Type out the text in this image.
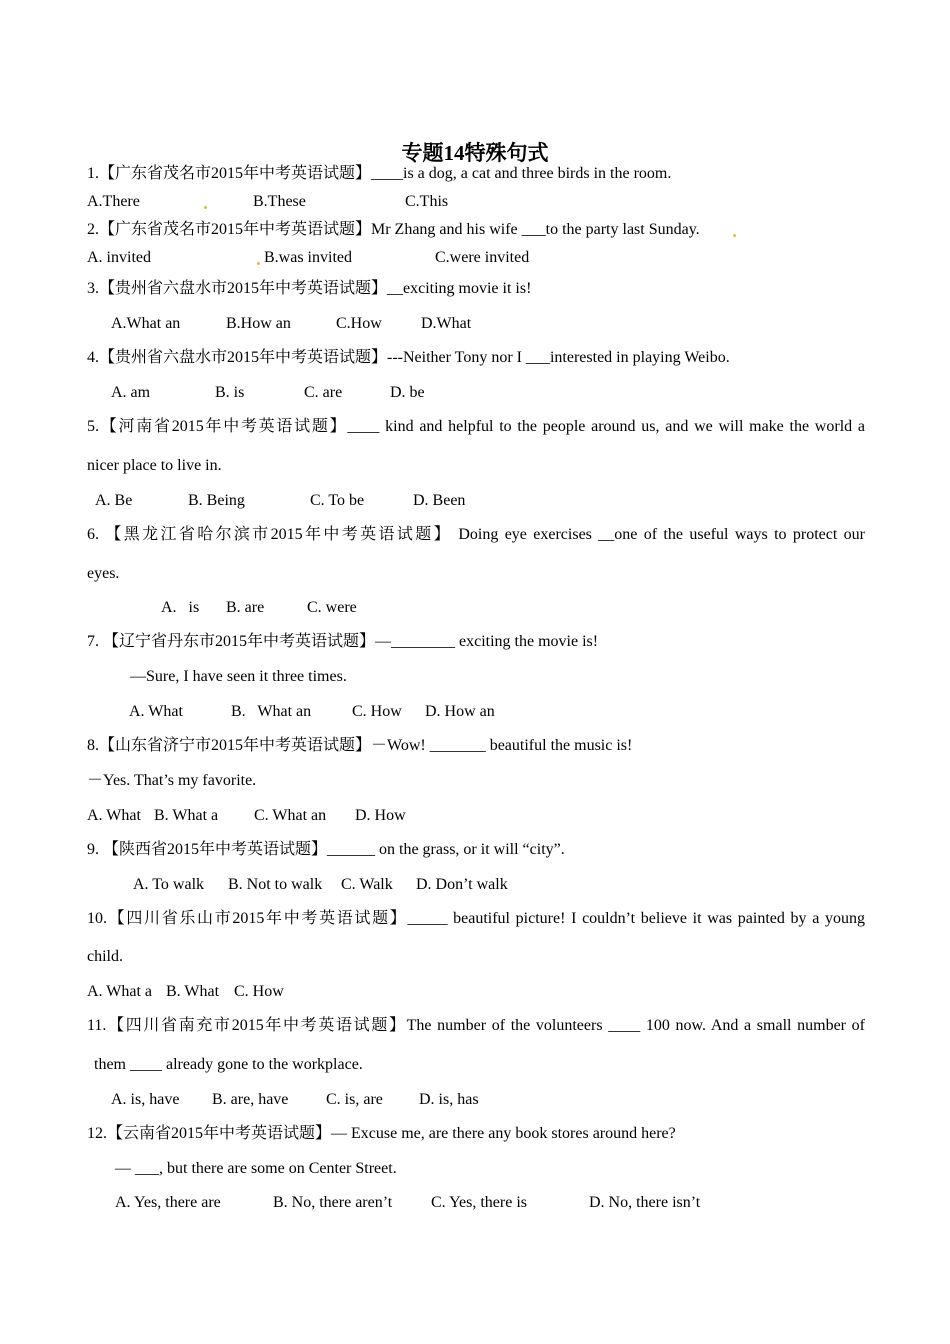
专题14特殊句式
1.【广东省茂名市2015年中考英语试题】____is a dog, a cat and three birds in the room.
A.There	B.These	C.This
2.【广东省茂名市2015年中考英语试题】Mr Zhang and his wife ___to the party last Sunday.
A. invited	B.was invited	C.were invited
3.【贵州省六盘水市2015年中考英语试题】__exciting movie it is!
A.What an	B.How an	C.How D.What
4.【贵州省六盘水市2015年中考英语试题】---Neither Tony nor I ___interested in playing Weibo.
A. am	B. is	C. are	D. be
5.【河南省2015年中考英语试题】____ kind and helpful to the people around us, and we will make the world a
nicer place to live in.
A. Be	B. Being	C. To be	D. Been
6. 【黑龙江省哈尔滨市2015年中考英语试题】 Doing eye exercises __one of the useful ways to protect our
eyes.
A.   is B. are	C. were
7. 【辽宁省丹东市2015年中考英语试题】—________ exciting the movie is!
—Sure, I have seen it three times.
A. What	B.   What an	C. How D. How an
8.【山东省济宁市2015年中考英语试题】－Wow! _______ beautiful the music is!
－Yes. That’s my favorite.
A. What B. What a C. What an D. How
9. 【陕西省2015年中考英语试题】______ on the grass, or it will “city”.
A. To walk B. Not to walk C. Walk D. Don’t walk
10.【四川省乐山市2015年中考英语试题】_____ beautiful picture! I couldn’t believe it was painted by a young
child.
A. What a B. What C. How
11.【四川省南充市2015年中考英语试题】The number of the volunteers ____ 100 now. And a small number of
them ____ already gone to the workplace.
A. is, have B. are, have C. is, are D. is, has
12.【云南省2015年中考英语试题】— Excuse me, are there any book stores around here?
— ___, but there are some on Center Street.
A. Yes, there are	B. No, there aren’t C. Yes, there is	D. No, there isn’t
